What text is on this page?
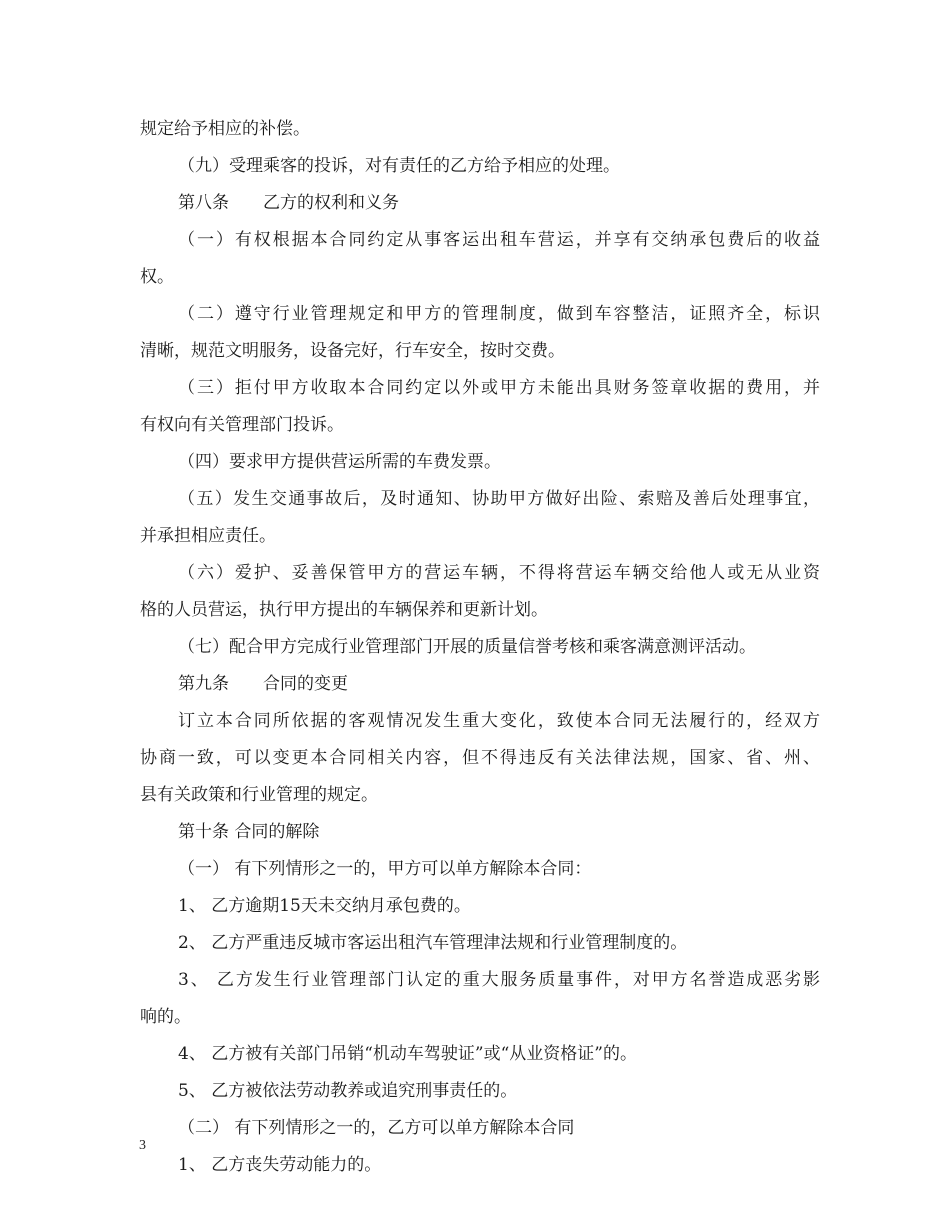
规定给予相应的补偿。
（九）受理乘客的投诉，对有责任的乙方给予相应的处理。
第八条　　乙方的权利和义务
（一）有权根据本合同约定从事客运出租车营运，并享有交纳承包费后的收益
权。
（二）遵守行业管理规定和甲方的管理制度，做到车容整洁，证照齐全，标识
清晰，规范文明服务，设备完好，行车安全，按时交费。
（三）拒付甲方收取本合同约定以外或甲方未能出具财务签章收据的费用，并
有权向有关管理部门投诉。
（四）要求甲方提供营运所需的车费发票。
（五）发生交通事故后，及时通知、协助甲方做好出险、索赔及善后处理事宜，
并承担相应责任。
（六）爱护、妥善保管甲方的营运车辆，不得将营运车辆交给他人或无从业资
格的人员营运，执行甲方提出的车辆保养和更新计划。
（七）配合甲方完成行业管理部门开展的质量信誉考核和乘客满意测评活动。
第九条　　合同的变更
订立本合同所依据的客观情况发生重大变化，致使本合同无法履行的，经双方
协商一致，可以变更本合同相关内容，但不得违反有关法律法规，国家、省、州、
县有关政策和行业管理的规定。
第十条 合同的解除
（一） 有下列情形之一的，甲方可以单方解除本合同：
1、 乙方逾期15天未交纳月承包费的。
2、 乙方严重违反城市客运出租汽车管理津法规和行业管理制度的。
3、 乙方发生行业管理部门认定的重大服务质量事件，对甲方名誉造成恶劣影
响的。
4、 乙方被有关部门吊销“机动车驾驶证”或“从业资格证”的。
5、 乙方被依法劳动教养或追究刑事责任的。
（二） 有下列情形之一的，乙方可以单方解除本合同
1、 乙方丧失劳动能力的。
3
